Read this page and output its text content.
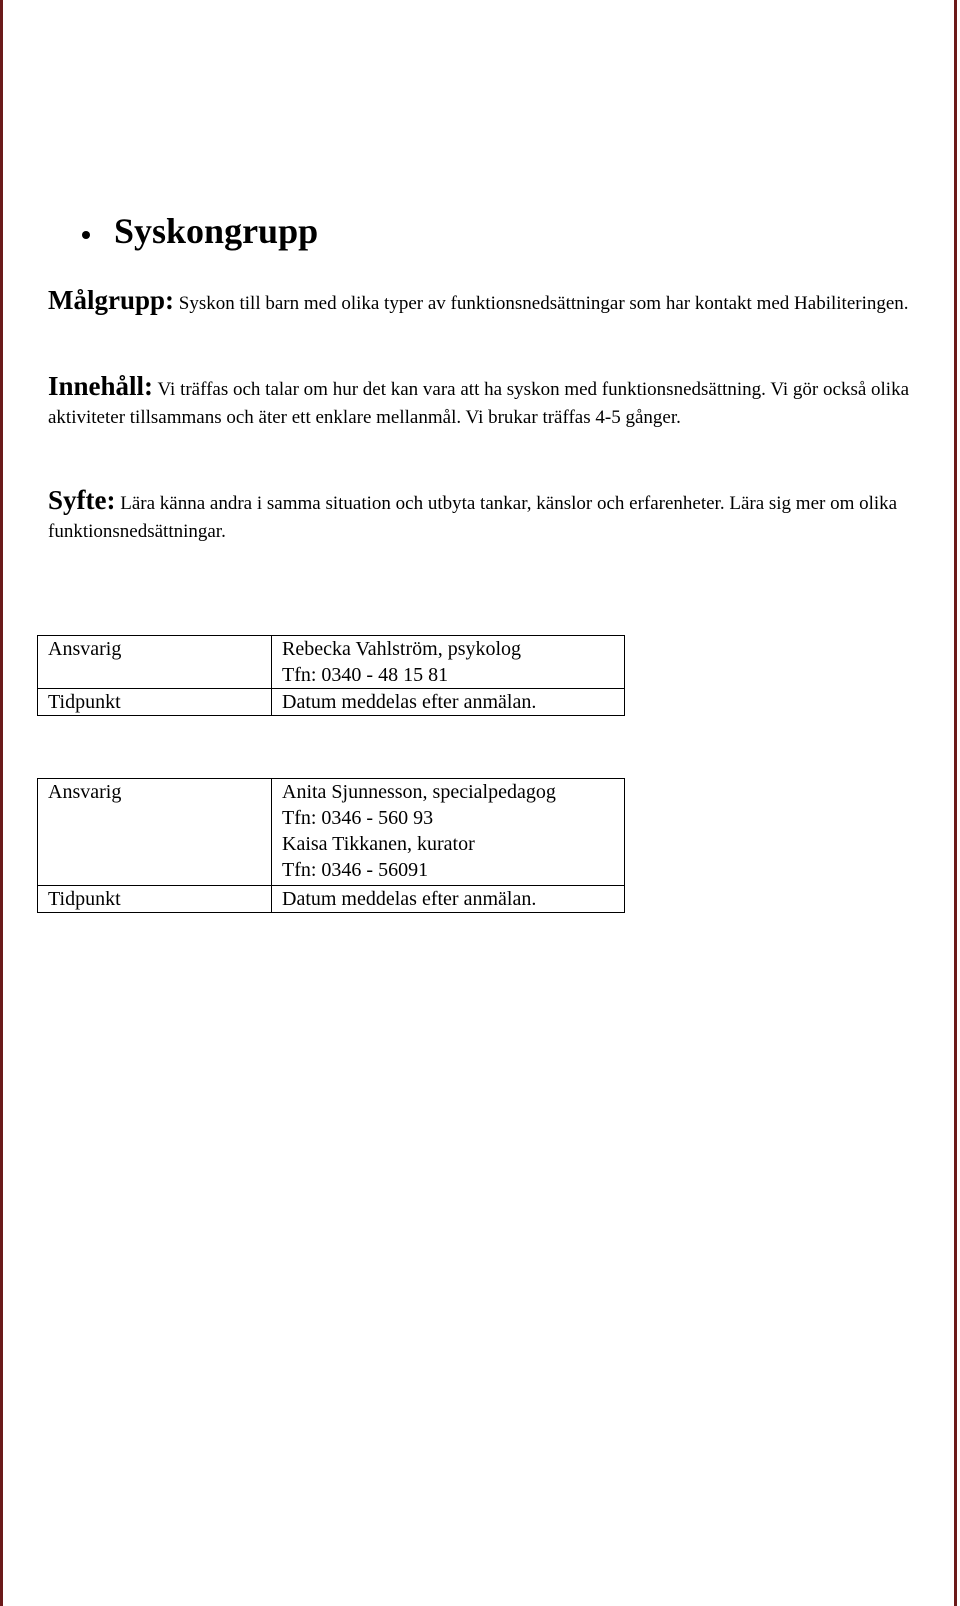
Syskongrupp
Målgrupp: Syskon till barn med olika typer av funktionsnedsättningar som har kontakt med Habiliteringen.
Innehåll: Vi träffas och talar om hur det kan vara att ha syskon med funktionsnedsättning. Vi gör också olika aktiviteter tillsammans och äter ett enklare mellanmål. Vi brukar träffas 4-5 gånger.
Syfte: Lära känna andra i samma situation och utbyta tankar, känslor och erfarenheter. Lära sig mer om olika funktionsnedsättningar.
Ansvarig	Rebecka Vahlström, psykolog
Tfn: 0340 - 48 15 81

Tidpunkt	Datum meddelas efter anmälan.
Ansvarig	Anita Sjunnesson, specialpedagog
Tfn: 0346 - 560 93
Kaisa Tikkanen, kurator
Tfn: 0346 - 56091

Tidpunkt	Datum meddelas efter anmälan.
